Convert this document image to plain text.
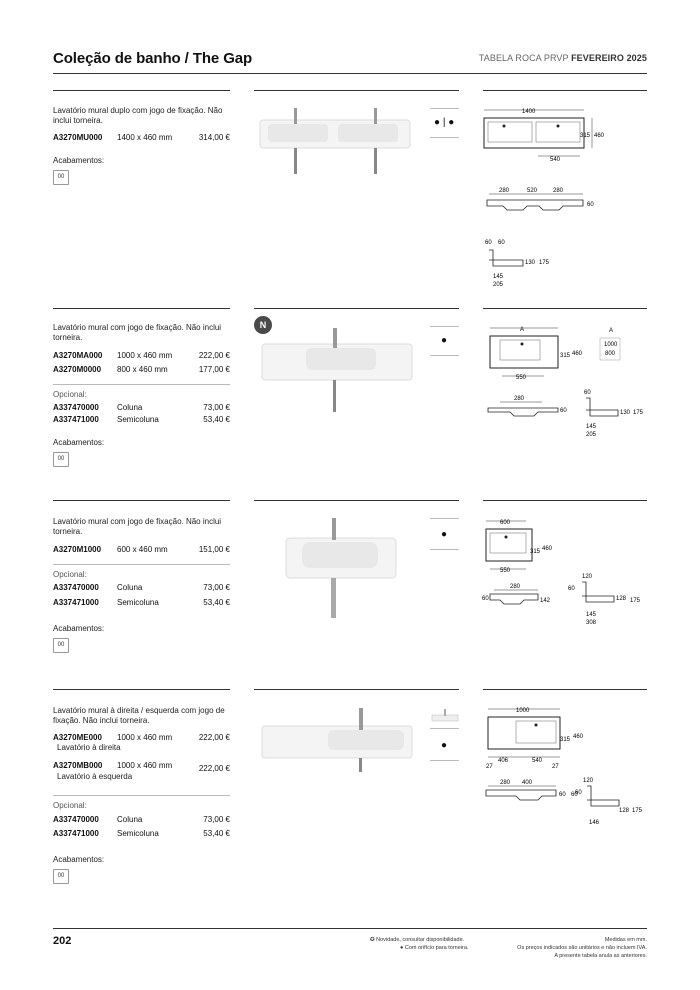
Coleção de banho / The Gap	TABELA ROCA PRVP FEVEREIRO 2025
Lavatório mural duplo com jogo de fixação. Não inclui torneira.
A3270MU000 1400 x 460 mm	314,00 €
Acabamentos:
00
● | ●
1400
315 460
540
280	520	280
60
60 60
130 175
145
205
Lavatório mural com jogo de fixação. Não inclui torneira.
A3270MA000 1000 x 460 mm	222,00 €
A3270M0000 800 x 460 mm	177,00 €
Opcional:
A337470000 Coluna	73,00 €
A337471000 Semicoluna	53,40 €
Acabamentos:
00
N
●
A
315 460
550
A
1000
800
280
60
60
130 175
145
205
Lavatório mural com jogo de fixação. Não inclui torneira.
A3270M1000 600 x 460 mm	151,00 €
Opcional:
A337470000 Coluna	73,00 €
A337471000 Semicoluna	53,40 €
Acabamentos:
00
●
600
315 460
550
280
60	142
120
60
128 175
145
308
Lavatório mural à direita / esquerda com jogo de fixação. Não inclui torneira.
A3270ME000 1000 x 460 mm	222,00 €
Lavatório à direita
A3270MB000 1000 x 460 mm	222,00 €
Lavatório à esquerda
Opcional:
A337470000 Coluna	73,00 €
A337471000 Semicoluna	53,40 €
Acabamentos:
00
●
1000
315 460
406	540
27	27
280 400
60 60
120
60
128 175
146
202	✪ Novidade, consultar disponibilidade.
● Com orifício para torneira.
Medidas em mm.
Os preços indicados são unitários e não incluem IVA.
A presente tabela anula as anteriores.
